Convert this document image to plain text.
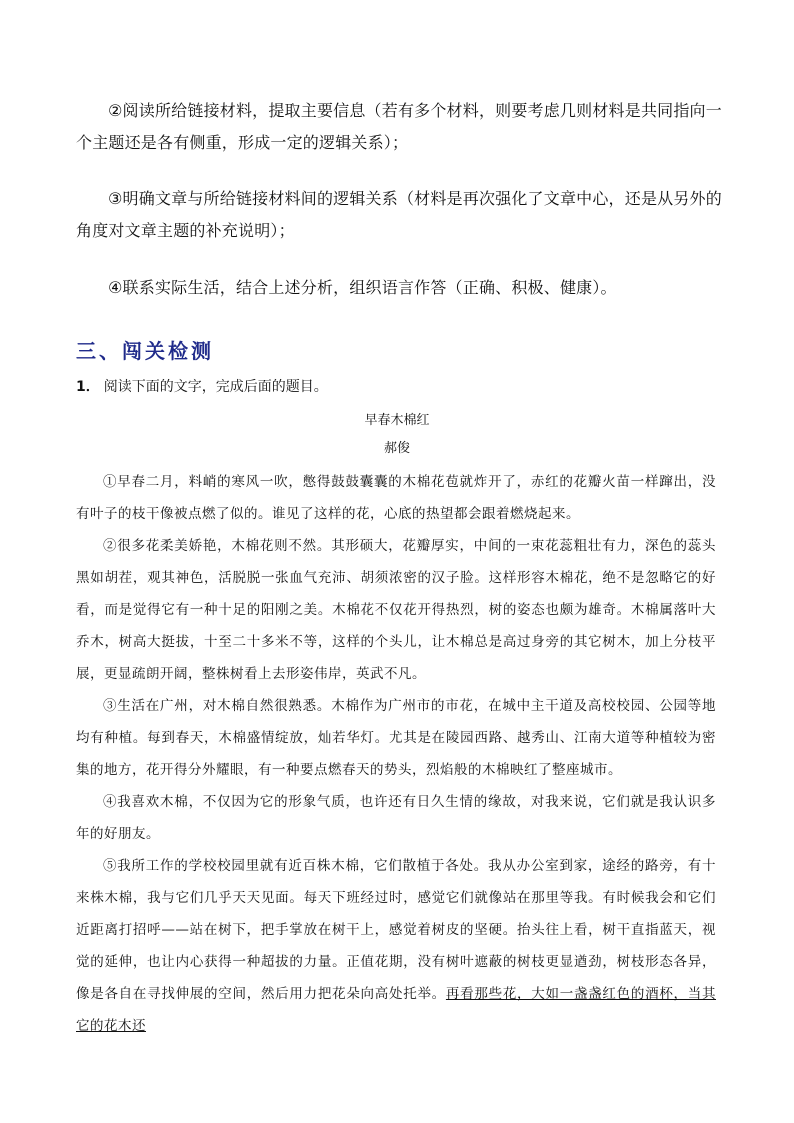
②阅读所给链接材料，提取主要信息（若有多个材料，则要考虑几则材料是共同指向一个主题还是各有侧重，形成一定的逻辑关系）；
③明确文章与所给链接材料间的逻辑关系（材料是再次强化了文章中心，还是从另外的角度对文章主题的补充说明）；
④联系实际生活，结合上述分析，组织语言作答（正确、积极、健康）。
三、闯关检测
1． 阅读下面的文字，完成后面的题目。
早春木棉红
郝俊

①早春二月，料峭的寒风一吹，憋得鼓鼓囊囊的木棉花苞就炸开了，赤红的花瓣火苗一样蹿出，没有叶子的枝干像被点燃了似的。谁见了这样的花，心底的热望都会跟着燃烧起来。

②很多花柔美娇艳，木棉花则不然。其形硕大，花瓣厚实，中间的一束花蕊粗壮有力，深色的蕊头黑如胡茬，观其神色，活脱脱一张血气充沛、胡须浓密的汉子脸。这样形容木棉花，绝不是忽略它的好看，而是觉得它有一种十足的阳刚之美。木棉花不仅花开得热烈，树的姿态也颇为雄奇。木棉属落叶大乔木，树高大挺拔，十至二十多米不等，这样的个头儿，让木棉总是高过身旁的其它树木，加上分枝平展，更显疏朗开阔，整株树看上去形姿伟岸，英武不凡。

③生活在广州，对木棉自然很熟悉。木棉作为广州市的市花，在城中主干道及高校校园、公园等地均有种植。每到春天，木棉盛情绽放，灿若华灯。尤其是在陵园西路、越秀山、江南大道等种植较为密集的地方，花开得分外耀眼，有一种要点燃春天的势头，烈焰般的木棉映红了整座城市。

④我喜欢木棉，不仅因为它的形象气质，也许还有日久生情的缘故，对我来说，它们就是我认识多年的好朋友。

⑤我所工作的学校校园里就有近百株木棉，它们散植于各处。我从办公室到家，途经的路旁，有十来株木棉，我与它们几乎天天见面。每天下班经过时，感觉它们就像站在那里等我。有时候我会和它们近距离打招呼——站在树下，把手掌放在树干上，感觉着树皮的坚硬。抬头往上看，树干直指蓝天，视觉的延伸，也让内心获得一种超拔的力量。正值花期，没有树叶遮蔽的树枝更显遒劲，树枝形态各异，像是各自在寻找伸展的空间，然后用力把花朵向高处托举。再看那些花，大如一盏盏红色的酒杯，当其它的花木还
